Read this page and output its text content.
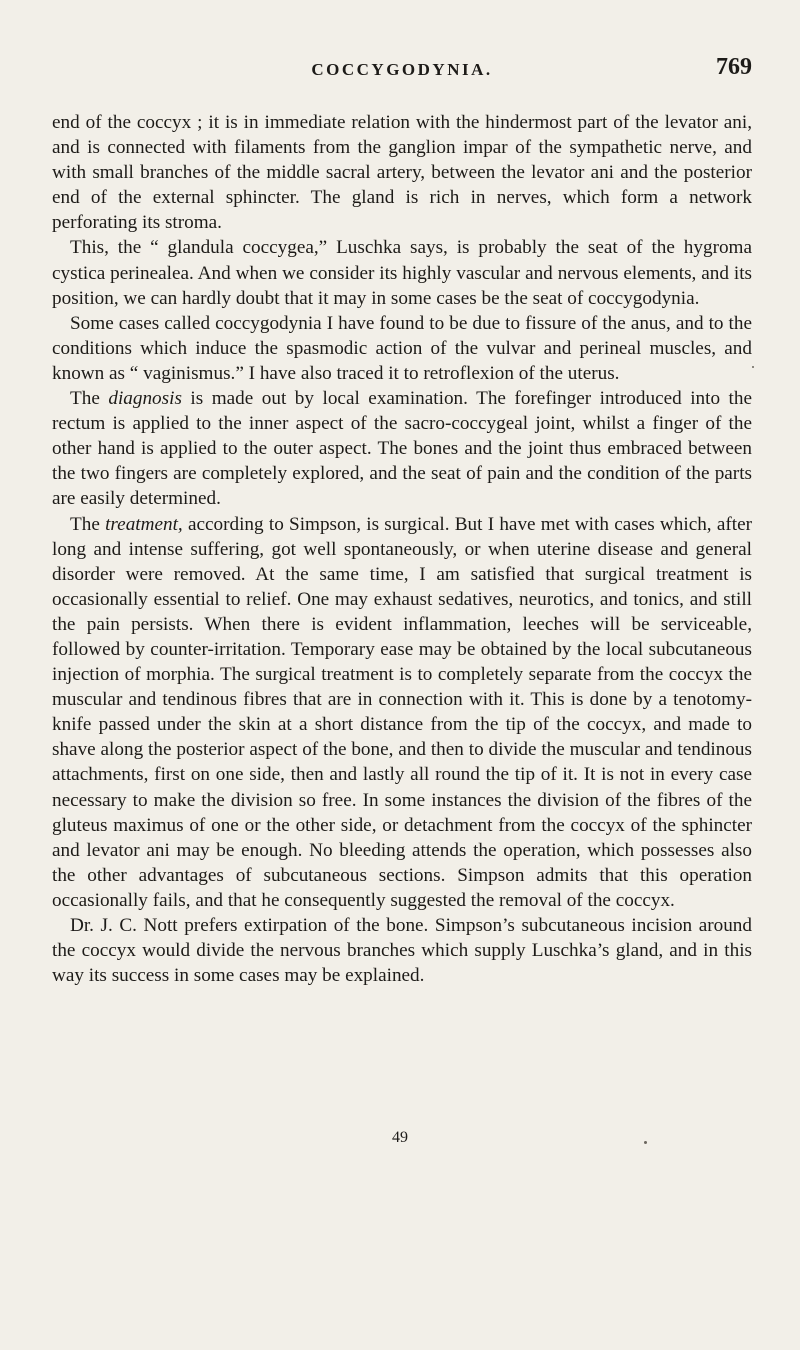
COCCYGODYNIA.	769

end of the coccyx ; it is in immediate relation with the hindermost part of the levator ani, and is connected with filaments from the ganglion impar of the sympathetic nerve, and with small branches of the middle sacral artery, between the levator ani and the posterior end of the external sphincter. The gland is rich in nerves, which form a network perforating its stroma.

This, the “ glandula coccygea,” Luschka says, is probably the seat of the hygroma cystica perinealea. And when we consider its highly vascular and nervous elements, and its position, we can hardly doubt that it may in some cases be the seat of coccygodynia.

Some cases called coccygodynia I have found to be due to fissure of the anus, and to the conditions which induce the spasmodic action of the vulvar and perineal muscles, and known as “ vaginismus.” I have also traced it to retroflexion of the uterus.

The diagnosis is made out by local examination. The forefinger introduced into the rectum is applied to the inner aspect of the sacro-coccygeal joint, whilst a finger of the other hand is applied to the outer aspect. The bones and the joint thus embraced between the two fingers are completely explored, and the seat of pain and the condition of the parts are easily determined.

The treatment, according to Simpson, is surgical. But I have met with cases which, after long and intense suffering, got well spontaneously, or when uterine disease and general disorder were removed. At the same time, I am satisfied that surgical treatment is occasionally essential to relief. One may exhaust sedatives, neurotics, and tonics, and still the pain persists. When there is evident inflammation, leeches will be serviceable, followed by counter-irritation. Temporary ease may be obtained by the local subcutaneous injection of morphia. The surgical treatment is to completely separate from the coccyx the muscular and tendinous fibres that are in connection with it. This is done by a tenotomy-knife passed under the skin at a short distance from the tip of the coccyx, and made to shave along the posterior aspect of the bone, and then to divide the muscular and tendinous attachments, first on one side, then and lastly all round the tip of it. It is not in every case necessary to make the division so free. In some instances the division of the fibres of the gluteus maximus of one or the other side, or detachment from the coccyx of the sphincter and levator ani may be enough. No bleeding attends the operation, which possesses also the other advantages of subcutaneous sections. Simpson admits that this operation occasionally fails, and that he consequently suggested the removal of the coccyx.

Dr. J. C. Nott prefers extirpation of the bone. Simpson’s subcutaneous incision around the coccyx would divide the nervous branches which supply Luschka’s gland, and in this way its success in some cases may be explained.

49
